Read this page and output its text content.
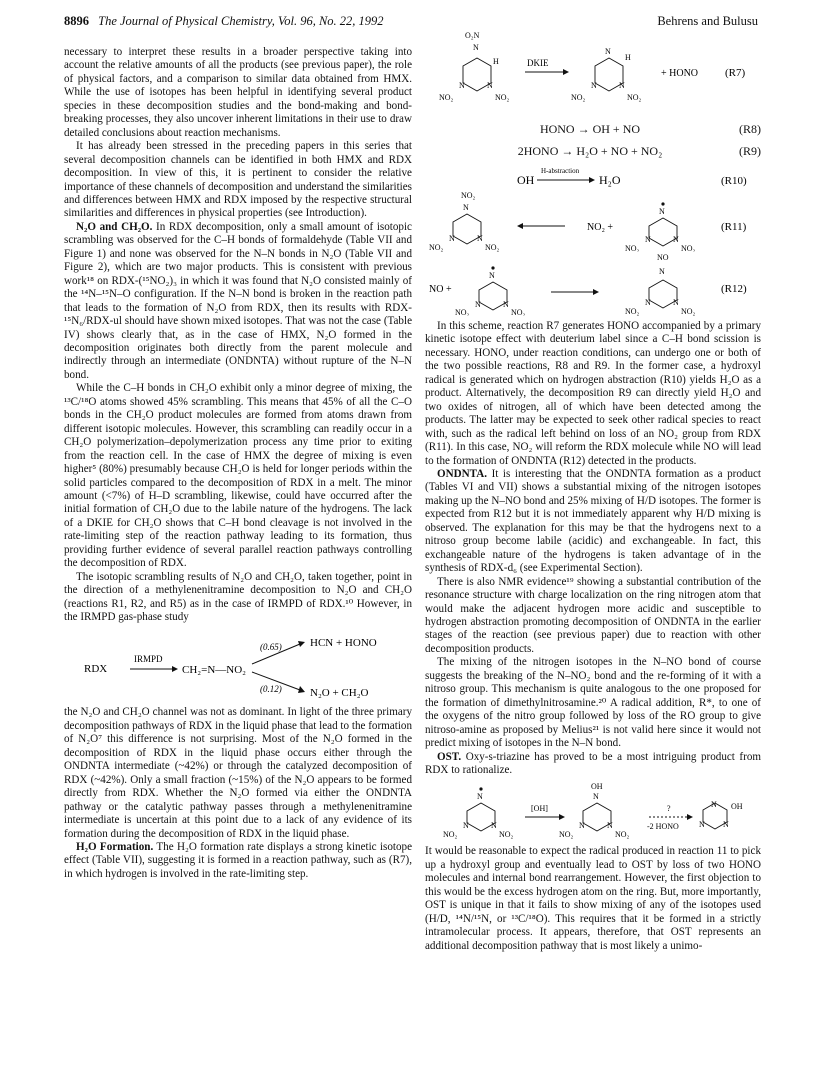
8896 The Journal of Physical Chemistry, Vol. 96, No. 22, 1992	Behrens and Bulusu

necessary to interpret these results in a broader perspective taking into account the relative amounts of all the products (see previous paper), the role of physical factors, and a comparison to similar data obtained from HMX. While the use of isotopes has been helpful in identifying several product species in these decomposition studies and the bond-making and bond-breaking processes, they also uncover inherent limitations in their use to draw detailed conclusions about reaction mechanisms.

It has already been stressed in the preceding papers in this series that several decomposition channels can be identified in both HMX and RDX decomposition. In view of this, it is pertinent to consider the relative importance of these channels of decomposition and understand the similarities and differences between HMX and RDX imposed by the respective structural similarities and differences in physical properties (see Introduction).

N₂O and CH₂O. In RDX decomposition, only a small amount of isotopic scrambling was observed for the C–H bonds of formaldehyde (Table VII and Figure 1) and none was observed for the N–N bonds in N₂O (Table VII and Figure 2), which are two major products. This is consistent with previous work¹⁸ on RDX-(¹⁵NO₂)₃ in which it was found that N₂O consisted mainly of the ¹⁴N–¹⁵N–O configuration. If the N–N bond is broken in the reaction path that leads to the formation of N₂O from RDX, then its results with RDX-¹⁵N₆/RDX-ul should have shown mixed isotopes. That was not the case (Table IV) shows clearly that, as in the case of HMX, N₂O formed in the decomposition originates both directly from the parent molecule and indirectly through an intermediate (ONDNTA) without rupture of the N–N bond.

While the C–H bonds in CH₂O exhibit only a minor degree of mixing, the ¹³C/¹⁸O atoms showed 45% scrambling. This means that 45% of all the C–O bonds in the CH₂O product molecules are formed from atoms drawn from different isotopic molecules. However, this scrambling can readily occur in a CH₂O polymerization–depolymerization process any time prior to exiting from the reaction cell. In the case of HMX the degree of mixing is even higher⁵ (80%) presumably because CH₂O is held for longer periods within the solid particles compared to the decomposition of RDX in a melt. The minor amount (<7%) of H–D scrambling, likewise, could have occurred after the initial formation of CH₂O due to the labile nature of the hydrogens. The lack of a DKIE for CH₂O shows that C–H bond cleavage is not involved in the rate-limiting step of the reaction pathway leading to its formation, thus providing further evidence of several parallel reaction pathways controlling the decomposition of RDX.

The isotopic scrambling results of N₂O and CH₂O, taken together, point in the direction of a methylenenitramine decomposition to N₂O and CH₂O (reactions R1, R2, and R5) as in the case of IRMPD of RDX.¹⁰ However, in the IRMPD gas-phase study

RDX
IRMPD
CH₂=N—NO₂
(0.65)
(0.12)
HCN + HONO
N₂O + CH₂O

the N₂O and CH₂O channel was not as dominant. In light of the three primary decomposition pathways of RDX in the liquid phase that lead to the formation of N₂O⁷ this difference is not surprising. Most of the N₂O formed in the decomposition of RDX in the liquid phase occurs either through the ONDNTA intermediate (~42%) or through the catalyzed decomposition of RDX (~42%). Only a small fraction (~15%) of the N₂O appears to be formed directly from RDX. Whether the N₂O formed via either the ONDNTA pathway or the catalytic pathway passes through a methylenenitramine intermediate is uncertain at this point due to a lack of any evidence of its formation during the decomposition of RDX in the liquid phase.

H₂O Formation. The H₂O formation rate displays a strong kinetic isotope effect (Table VII), suggesting it is formed in a reaction pathway, such as (R7), in which hydrogen is involved in the rate-limiting step.

O₂N
N
H
N	N
NO₂	NO₂
DKIE
N
H
N	N
NO₂	NO₂
+ HONO (R7)
HONO → OH + NO	(R8)
2HONO → H₂O + NO + NO₂	(R9)
OH
H-abstraction
H₂O	(R10)
NO₂
N
N	N
NO₂	NO₂
NO₂ +
N
N	N
NO₂	NO₂
(R11)
NO +
N
N	N
NO₂	NO₂
NO
N
N	N
NO₂	NO₂
(R12)

In this scheme, reaction R7 generates HONO accompanied by a primary kinetic isotope effect with deuterium label since a C–H bond scission is necessary. HONO, under reaction conditions, can undergo one or both of the two possible reactions, R8 and R9. In the former case, a hydroxyl radical is generated which on hydrogen abstraction (R10) yields H₂O as a product. Alternatively, the decomposition R9 can directly yield H₂O and two oxides of nitrogen, all of which have been detected among the products. The latter may be expected to seek other radical species to react with, such as the radical left behind on loss of an NO₂ group from RDX (R11). In this case, NO₂ will reform the RDX molecule while NO will lead to the formation of ONDNTA (R12) detected in the products.

ONDNTA. It is interesting that the ONDNTA formation as a product (Tables VI and VII) shows a substantial mixing of the nitrogen isotopes making up the N–NO bond and 25% mixing of H/D isotopes. The former is expected from R12 but it is not immediately apparent why H/D mixing is observed. The explanation for this may be that the hydrogens next to a nitroso group become labile (acidic) and exchangeable. In fact, this exchangeable nature of the hydrogens is taken advantage of in the synthesis of RDX-d₆ (see Experimental Section).

There is also NMR evidence¹⁹ showing a substantial contribution of the resonance structure with charge localization on the ring nitrogen atom that would make the adjacent hydrogen more acidic and susceptible to hydrogen abstraction promoting decomposition of ONDNTA in the earlier stages of the reaction (see previous paper) due to reaction with other decomposition products.

The mixing of the nitrogen isotopes in the N–NO bond of course suggests the breaking of the N–NO₂ bond and the re-forming of it with a nitroso group. This mechanism is quite analogous to the one proposed for the formation of dimethylnitrosamine.²⁰ A radical addition, R*, to one of the oxygens of the nitro group followed by loss of the RO group to give nitroso-amine as proposed by Melius²¹ is not valid here since it would not predict mixing of isotopes in the N–N bond.

OST. Oxy-s-triazine has proved to be a most intriguing product from RDX to rationalize.

N
N	N
NO₂	NO₂
[OH]
OH
N
N	N
NO₂	NO₂
?
-2 HONO
N
N N
OH

It would be reasonable to expect the radical produced in reaction 11 to pick up a hydroxyl group and eventually lead to OST by loss of two HONO molecules and internal bond rearrangement. However, the first objection to this would be the excess hydrogen atom on the ring. But, more importantly, OST is unique in that it fails to show mixing of any of the isotopes used (H/D, ¹⁴N/¹⁵N, or ¹³C/¹⁸O). This requires that it be formed in a strictly intramolecular process. It appears, therefore, that OST represents an additional decomposition pathway that is most likely a unimo-
